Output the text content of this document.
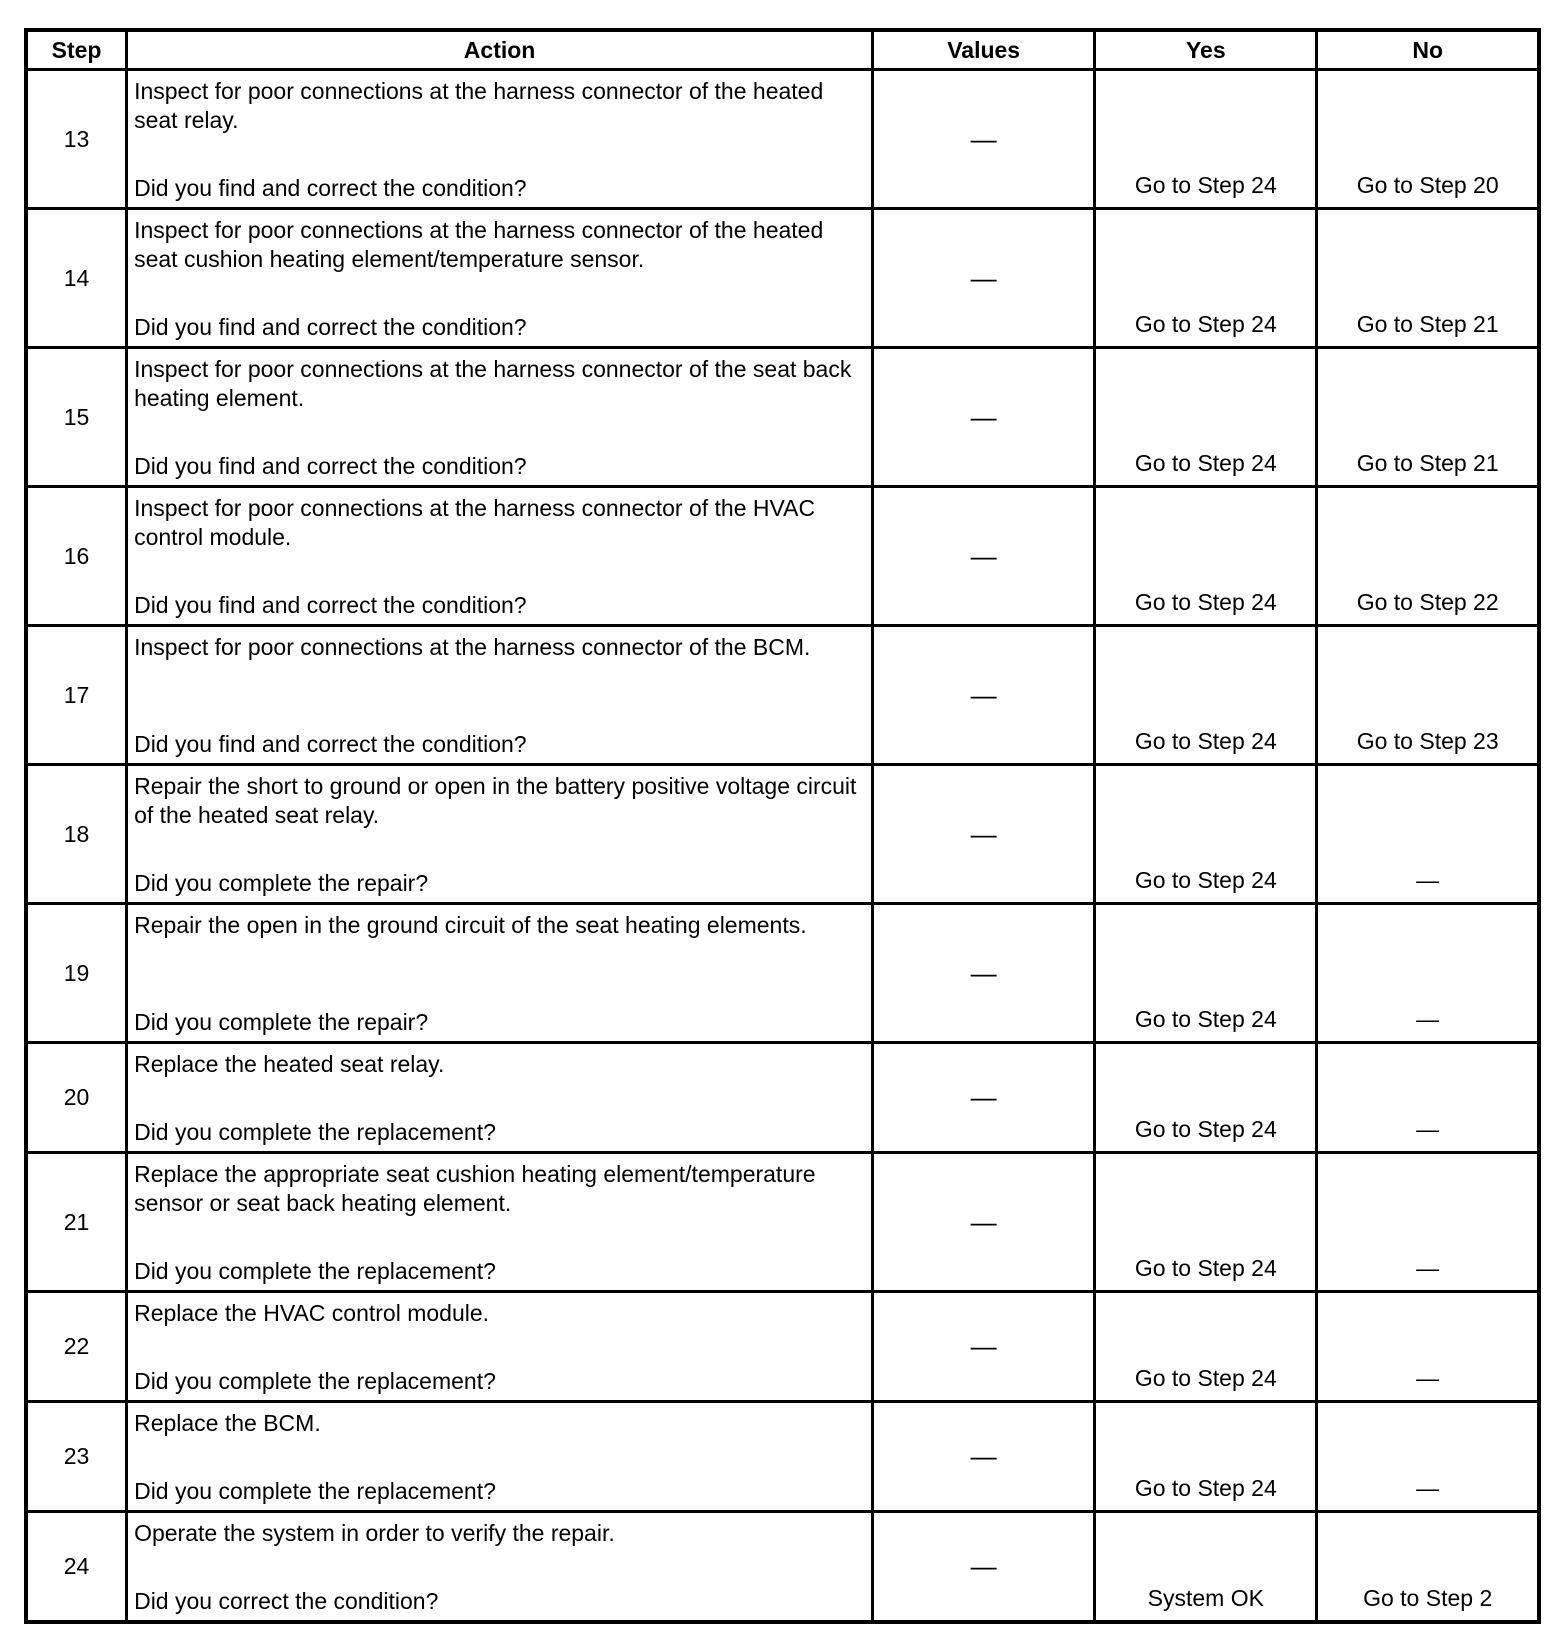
Step	Action	Values	Yes	No
13	Inspect for poor connections at the harness connector of the heated seat relay.
Did you find and correct the condition?	—	Go to Step 24	Go to Step 20
14	Inspect for poor connections at the harness connector of the heated seat cushion heating element/temperature sensor.
Did you find and correct the condition?	—	Go to Step 24	Go to Step 21
15	Inspect for poor connections at the harness connector of the seat back heating element.
Did you find and correct the condition?	—	Go to Step 24	Go to Step 21
16	Inspect for poor connections at the harness connector of the HVAC control module.
Did you find and correct the condition?	—	Go to Step 24	Go to Step 22
17	Inspect for poor connections at the harness connector of the BCM.
Did you find and correct the condition?	—	Go to Step 24	Go to Step 23
18	Repair the short to ground or open in the battery positive voltage circuit of the heated seat relay.
Did you complete the repair?	—	Go to Step 24	—
19	Repair the open in the ground circuit of the seat heating elements.
Did you complete the repair?	—	Go to Step 24	—
20	Replace the heated seat relay.
Did you complete the replacement?	—	Go to Step 24	—
21	Replace the appropriate seat cushion heating element/temperature sensor or seat back heating element.
Did you complete the replacement?	—	Go to Step 24	—
22	Replace the HVAC control module.
Did you complete the replacement?	—	Go to Step 24	—
23	Replace the BCM.
Did you complete the replacement?	—	Go to Step 24	—
24	Operate the system in order to verify the repair.
Did you correct the condition?	—	System OK	Go to Step 2
